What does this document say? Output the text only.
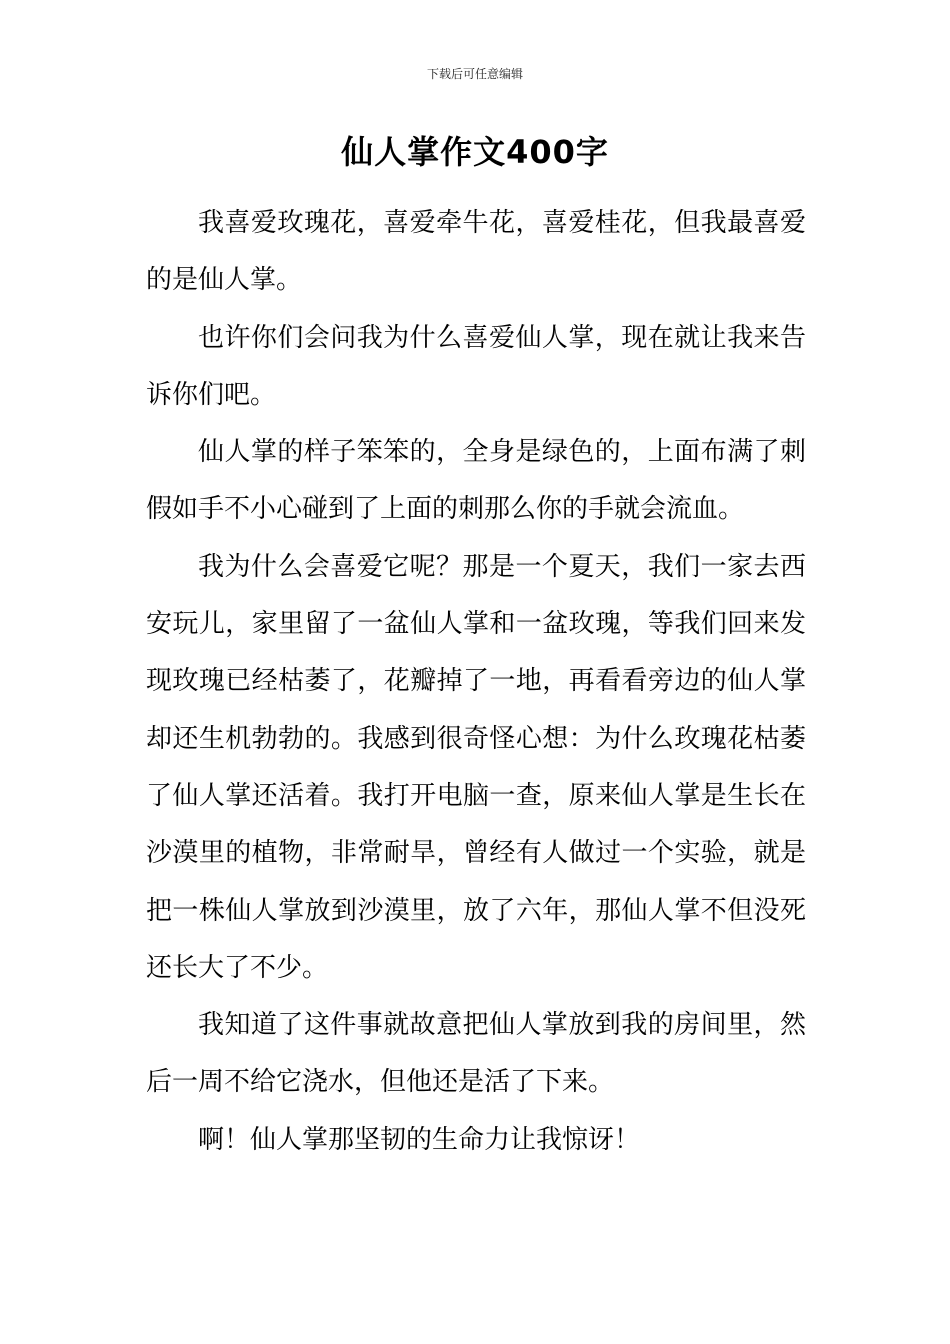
下载后可任意编辑
仙人掌作文400字

我喜爱玫瑰花，喜爱牵牛花，喜爱桂花，但我最喜爱的是仙人掌。

也许你们会问我为什么喜爱仙人掌，现在就让我来告诉你们吧。

仙人掌的样子笨笨的，全身是绿色的，上面布满了刺假如手不小心碰到了上面的刺那么你的手就会流血。

我为什么会喜爱它呢？那是一个夏天，我们一家去西安玩儿，家里留了一盆仙人掌和一盆玫瑰，等我们回来发现玫瑰已经枯萎了，花瓣掉了一地，再看看旁边的仙人掌却还生机勃勃的。我感到很奇怪心想：为什么玫瑰花枯萎了仙人掌还活着。我打开电脑一查，原来仙人掌是生长在沙漠里的植物，非常耐旱，曾经有人做过一个实验，就是把一株仙人掌放到沙漠里，放了六年，那仙人掌不但没死还长大了不少。

我知道了这件事就故意把仙人掌放到我的房间里，然后一周不给它浇水，但他还是活了下来。

啊！仙人掌那坚韧的生命力让我惊讶！
